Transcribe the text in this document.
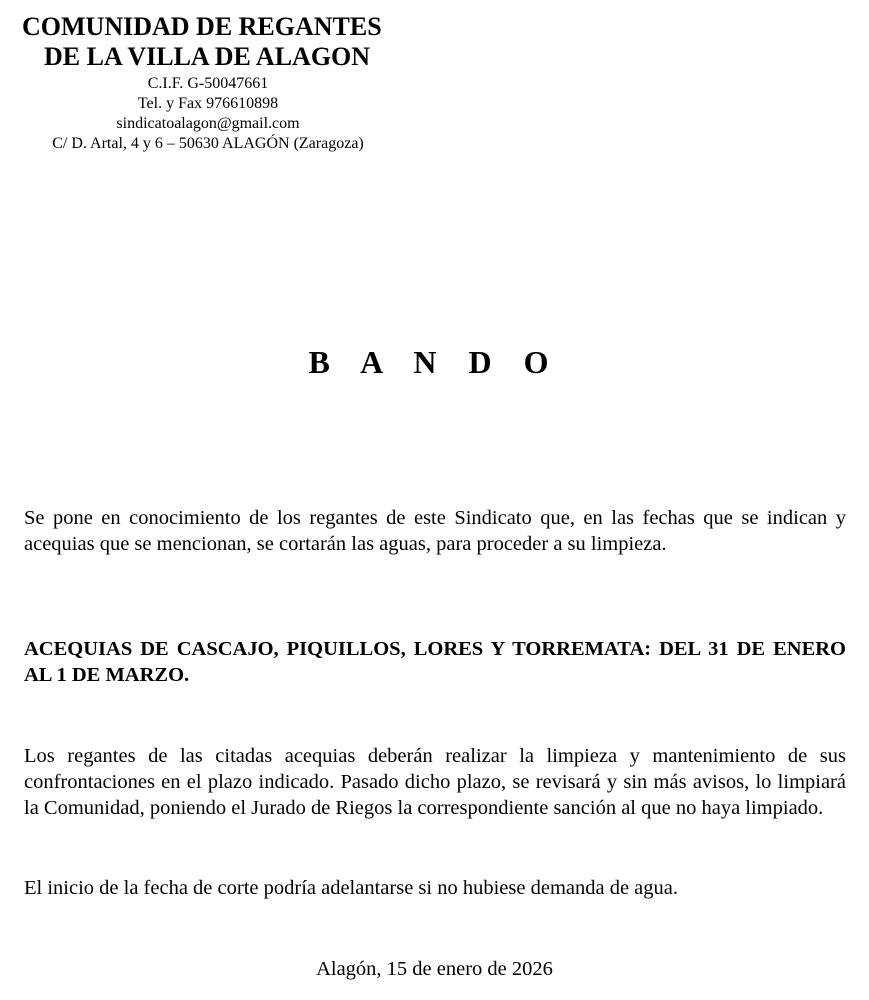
COMUNIDAD DE REGANTES
DE LA VILLA DE ALAGON
C.I.F. G-50047661
Tel. y Fax 976610898
sindicatoalagon@gmail.com
C/ D. Artal, 4 y 6 – 50630 ALAGÓN (Zaragoza)
B A N D O

Se pone en conocimiento de los regantes de este Sindicato que, en las fechas que se indican y acequias que se mencionan, se cortarán las aguas, para proceder a su limpieza.

ACEQUIAS DE CASCAJO, PIQUILLOS, LORES Y TORREMATA: DEL 31 DE ENERO AL 1 DE MARZO.

Los regantes de las citadas acequias deberán realizar la limpieza y mantenimiento de sus confrontaciones en el plazo indicado. Pasado dicho plazo, se revisará y sin más avisos, lo limpiará la Comunidad, poniendo el Jurado de Riegos la correspondiente sanción al que no haya limpiado.

El inicio de la fecha de corte podría adelantarse si no hubiese demanda de agua.

Alagón, 15 de enero de 2026
